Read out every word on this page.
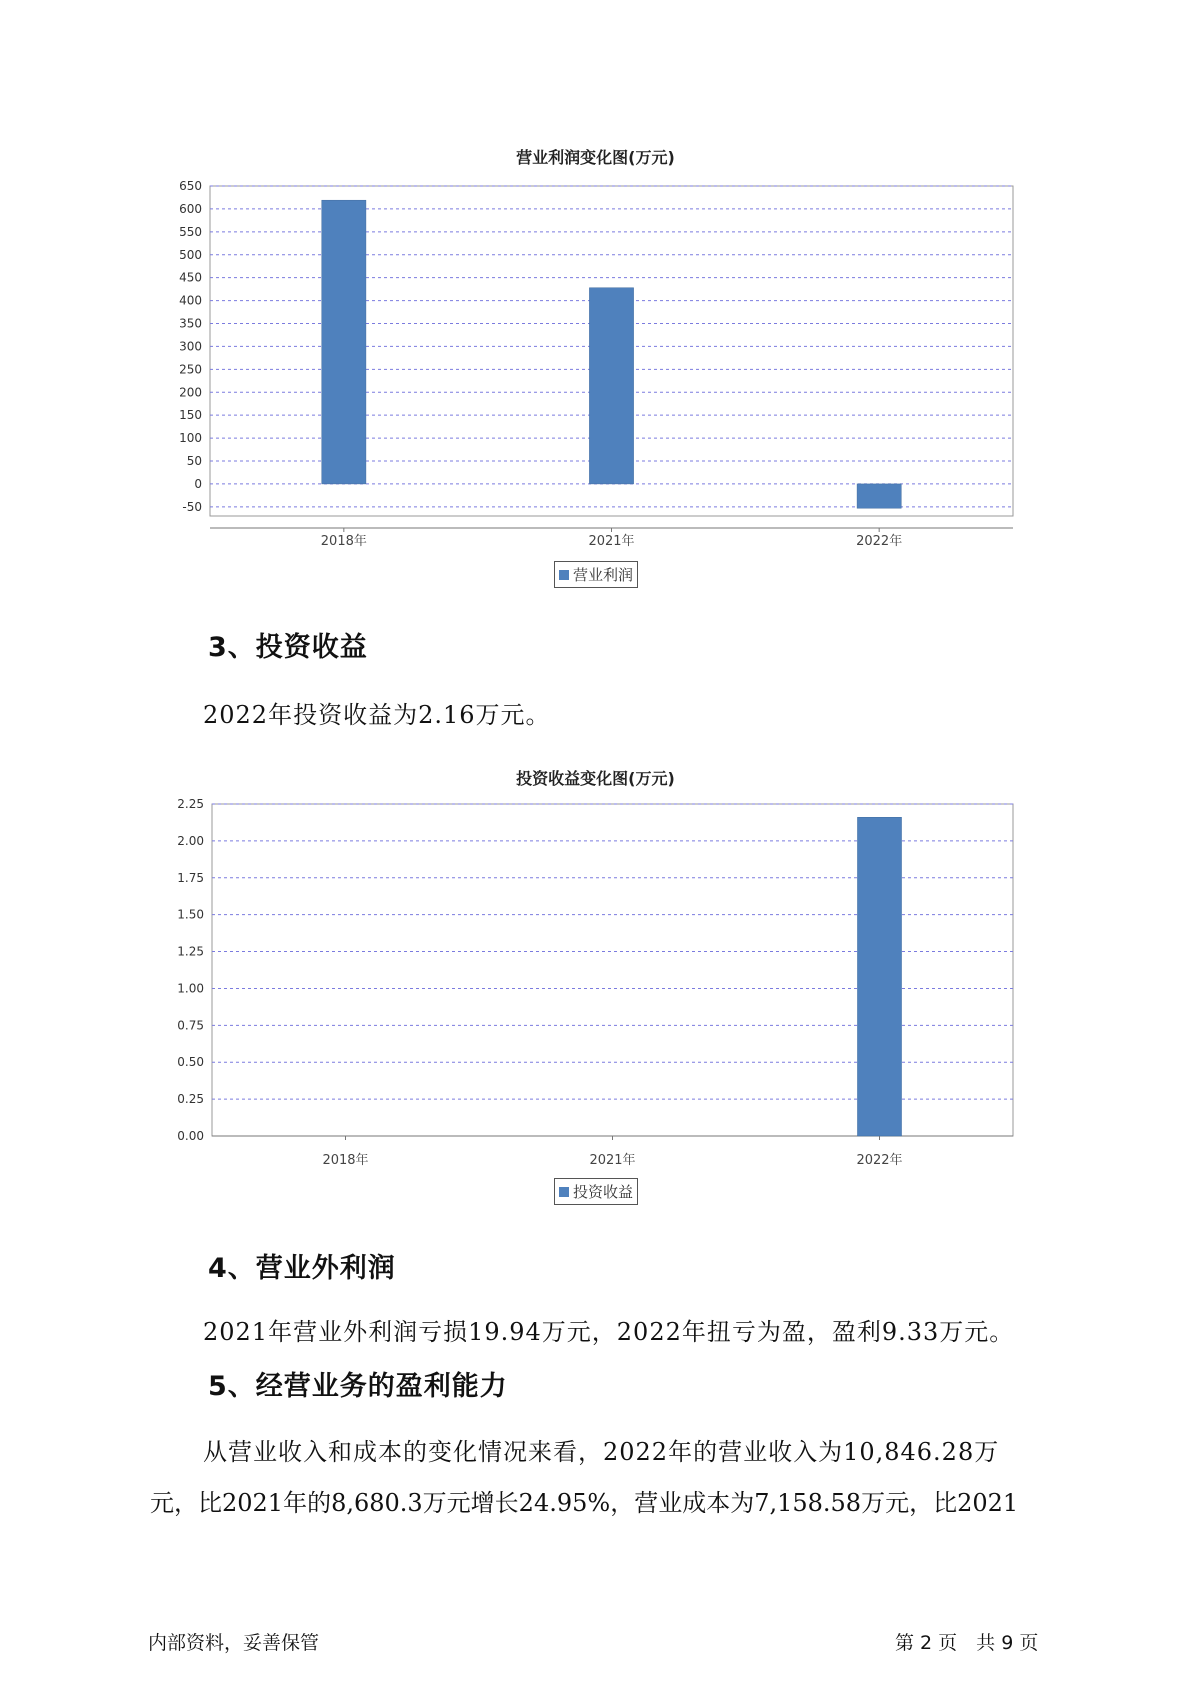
营业利润变化图(万元)
650
600
550
500
450
400
350
300
250
200
150
100
50
0
-50
2018年	2021年	2022年
营业利润
3、投资收益
2022年投资收益为2.16万元。
投资收益变化图(万元)
2.25
2.00
1.75
1.50
1.25
1.00
0.75
0.50
0.25
0.00
2018年	2021年	2022年
投资收益
4、营业外利润
2021年营业外利润亏损19.94万元，2022年扭亏为盈，盈利9.33万元。
5、经营业务的盈利能力
从营业收入和成本的变化情况来看，2022年的营业收入为10,846.28万
元，比2021年的8,680.3万元增长24.95%，营业成本为7,158.58万元，比2021
内部资料，妥善保管	第 2 页　共 9 页
